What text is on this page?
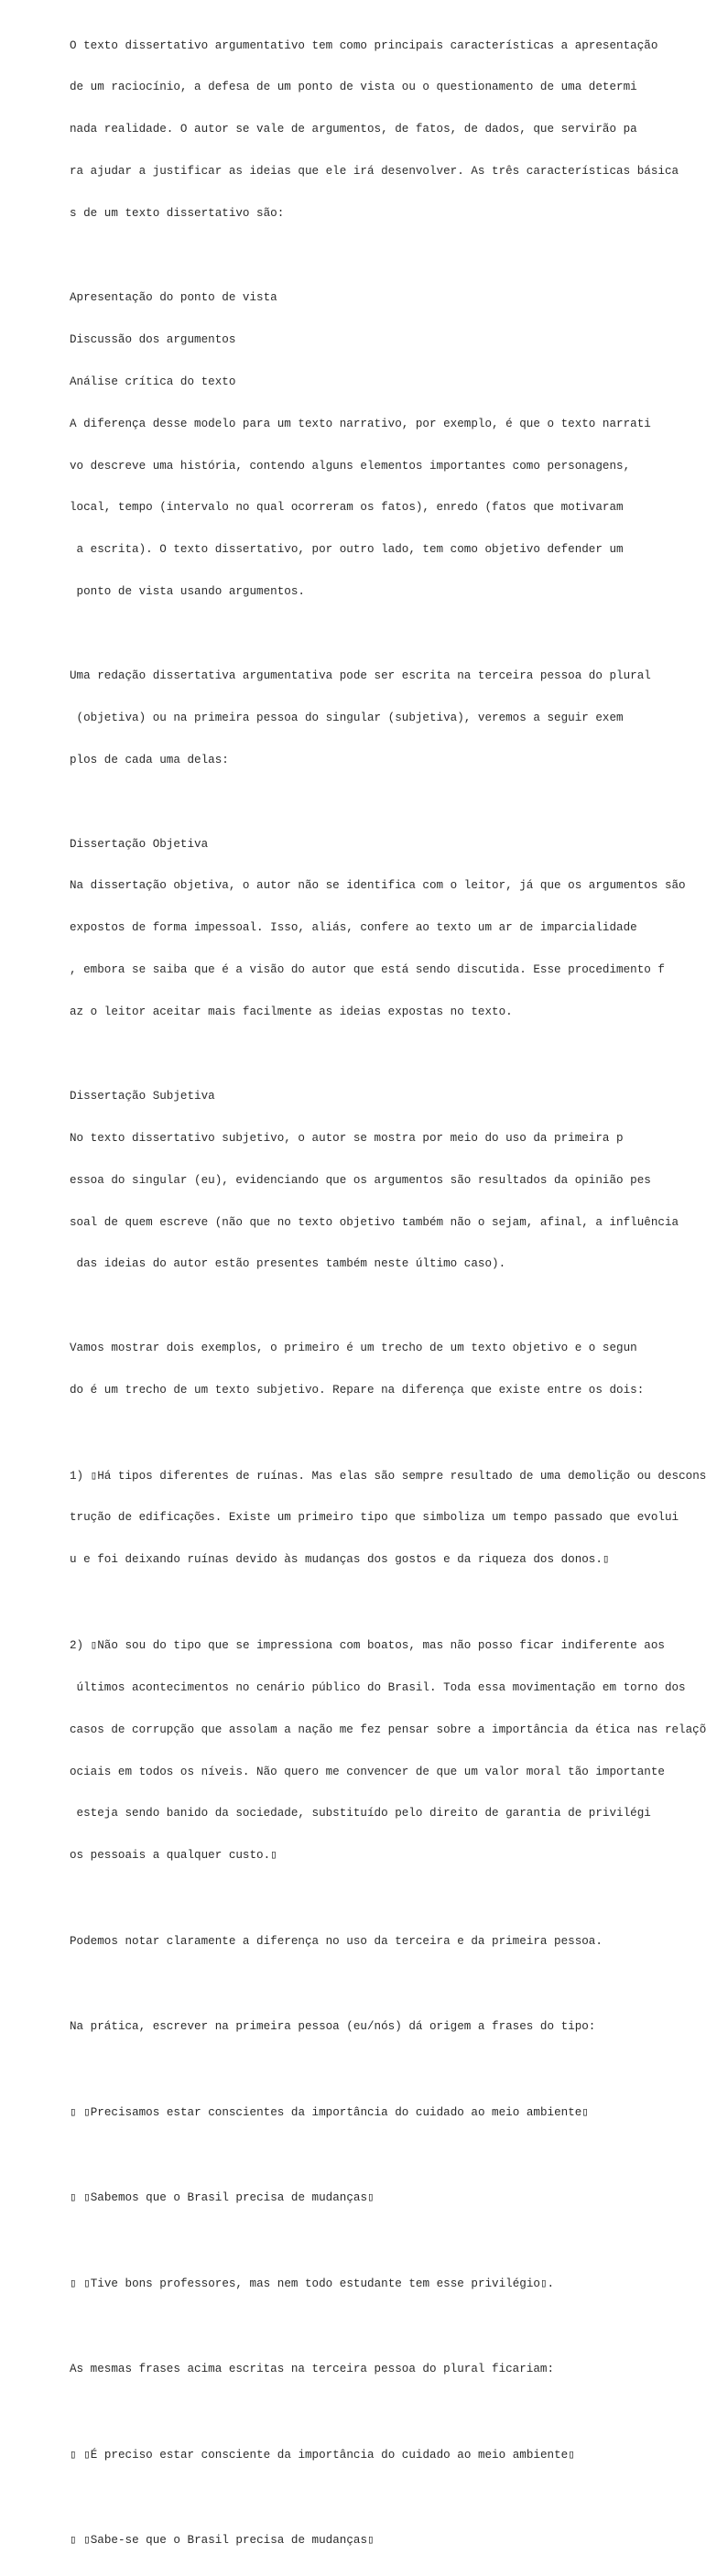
O texto dissertativo argumentativo tem como principais características a apresentação

de um raciocínio, a defesa de um ponto de vista ou o questionamento de uma determi

nada realidade. O autor se vale de argumentos, de fatos, de dados, que servirão pa

ra ajudar a justificar as ideias que ele irá desenvolver. As três características básica

s de um texto dissertativo são:

Apresentação do ponto de vista

Discussão dos argumentos

Análise crítica do texto

A diferença desse modelo para um texto narrativo, por exemplo, é que o texto narrati

vo descreve uma história, contendo alguns elementos importantes como personagens,

local, tempo (intervalo no qual ocorreram os fatos), enredo (fatos que motivaram

a escrita). O texto dissertativo, por outro lado, tem como objetivo defender um

ponto de vista usando argumentos.

Uma redação dissertativa argumentativa pode ser escrita na terceira pessoa do plural

(objetiva) ou na primeira pessoa do singular (subjetiva), veremos a seguir exem

plos de cada uma delas:

Dissertação Objetiva

Na dissertação objetiva, o autor não se identifica com o leitor, já que os argumentos são

expostos de forma impessoal. Isso, aliás, confere ao texto um ar de imparcialidade

, embora se saiba que é a visão do autor que está sendo discutida. Esse procedimento f

az o leitor aceitar mais facilmente as ideias expostas no texto.

Dissertação Subjetiva

No texto dissertativo subjetivo, o autor se mostra por meio do uso da primeira p

essoa do singular (eu), evidenciando que os argumentos são resultados da opinião pes

soal de quem escreve (não que no texto objetivo também não o sejam, afinal, a influência

das ideias do autor estão presentes também neste último caso).

Vamos mostrar dois exemplos, o primeiro é um trecho de um texto objetivo e o segun

do é um trecho de um texto subjetivo. Repare na diferença que existe entre os dois:

1) ▯Há tipos diferentes de ruínas. Mas elas são sempre resultado de uma demolição ou descons

trução de edificações. Existe um primeiro tipo que simboliza um tempo passado que evolui

u e foi deixando ruínas devido às mudanças dos gostos e da riqueza dos donos.▯

2) ▯Não sou do tipo que se impressiona com boatos, mas não posso ficar indiferente aos

últimos acontecimentos no cenário público do Brasil. Toda essa movimentação em torno dos

casos de corrupção que assolam a nação me fez pensar sobre a importância da ética nas relaçõ

ociais em todos os níveis. Não quero me convencer de que um valor moral tão importante

esteja sendo banido da sociedade, substituído pelo direito de garantia de privilégi

os pessoais a qualquer custo.▯

Podemos notar claramente a diferença no uso da terceira e da primeira pessoa.

Na prática, escrever na primeira pessoa (eu/nós) dá origem a frases do tipo:

▯ ▯Precisamos estar conscientes da importância do cuidado ao meio ambiente▯

▯ ▯Sabemos que o Brasil precisa de mudanças▯

▯ ▯Tive bons professores, mas nem todo estudante tem esse privilégio▯.

As mesmas frases acima escritas na terceira pessoa do plural ficariam:

▯ ▯É preciso estar consciente da importância do cuidado ao meio ambiente▯

▯ ▯Sabe-se que o Brasil precisa de mudanças▯
